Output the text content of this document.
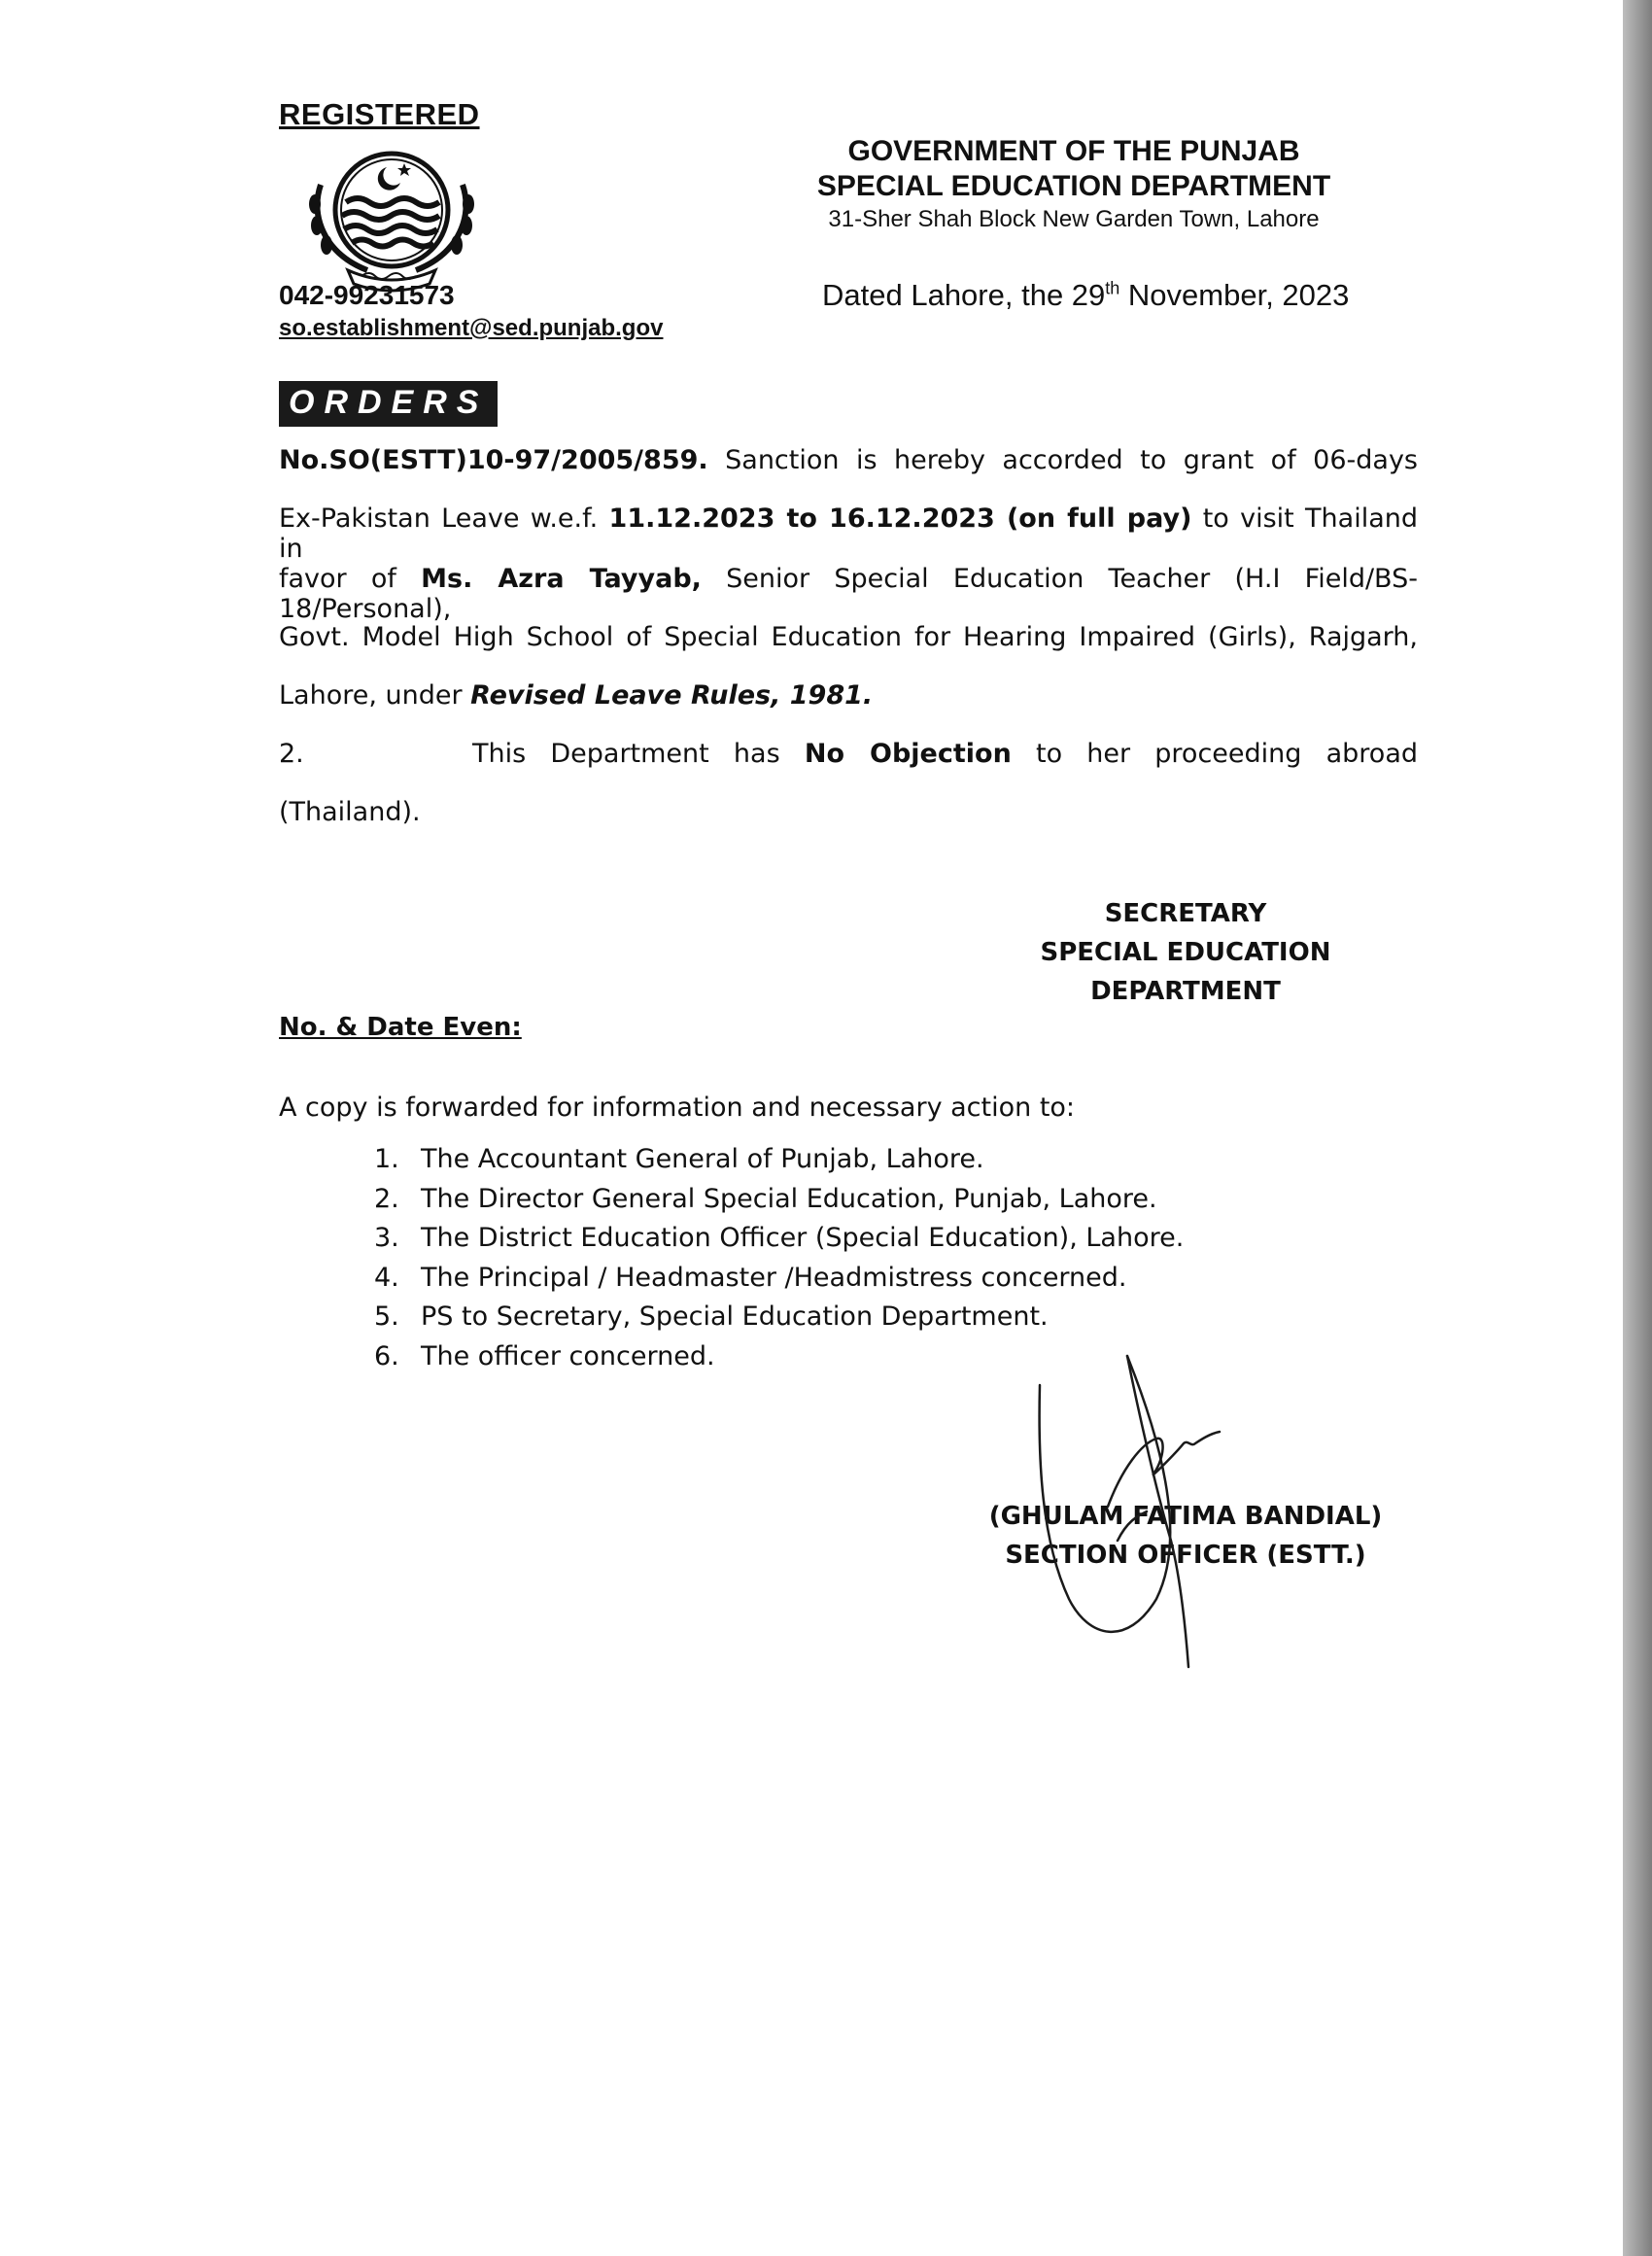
REGISTERED
042-99231573
so.establishment@sed.punjab.gov
GOVERNMENT OF THE PUNJAB
SPECIAL EDUCATION DEPARTMENT
31-Sher Shah Block New Garden Town, Lahore
Dated Lahore, the 29th November, 2023
ORDERS
No.SO(ESTT)10-97/2005/859. Sanction is hereby accorded to grant of 06-days
Ex-Pakistan Leave w.e.f. 11.12.2023 to 16.12.2023 (on full pay) to visit Thailand in
favor of Ms. Azra Tayyab, Senior Special Education Teacher (H.I Field/BS-18/Personal),
Govt. Model High School of Special Education for Hearing Impaired (Girls), Rajgarh,
Lahore, under Revised Leave Rules, 1981.
2.	This Department has No Objection to her proceeding abroad
(Thailand).
SECRETARY
SPECIAL EDUCATION
DEPARTMENT
No. & Date Even:
A copy is forwarded for information and necessary action to:
1. The Accountant General of Punjab, Lahore.
2. The Director General Special Education, Punjab, Lahore.
3. The District Education Officer (Special Education), Lahore.
4. The Principal / Headmaster /Headmistress concerned.
5. PS to Secretary, Special Education Department.
6. The officer concerned.
(GHULAM FATIMA BANDIAL)
SECTION OFFICER (ESTT.)
